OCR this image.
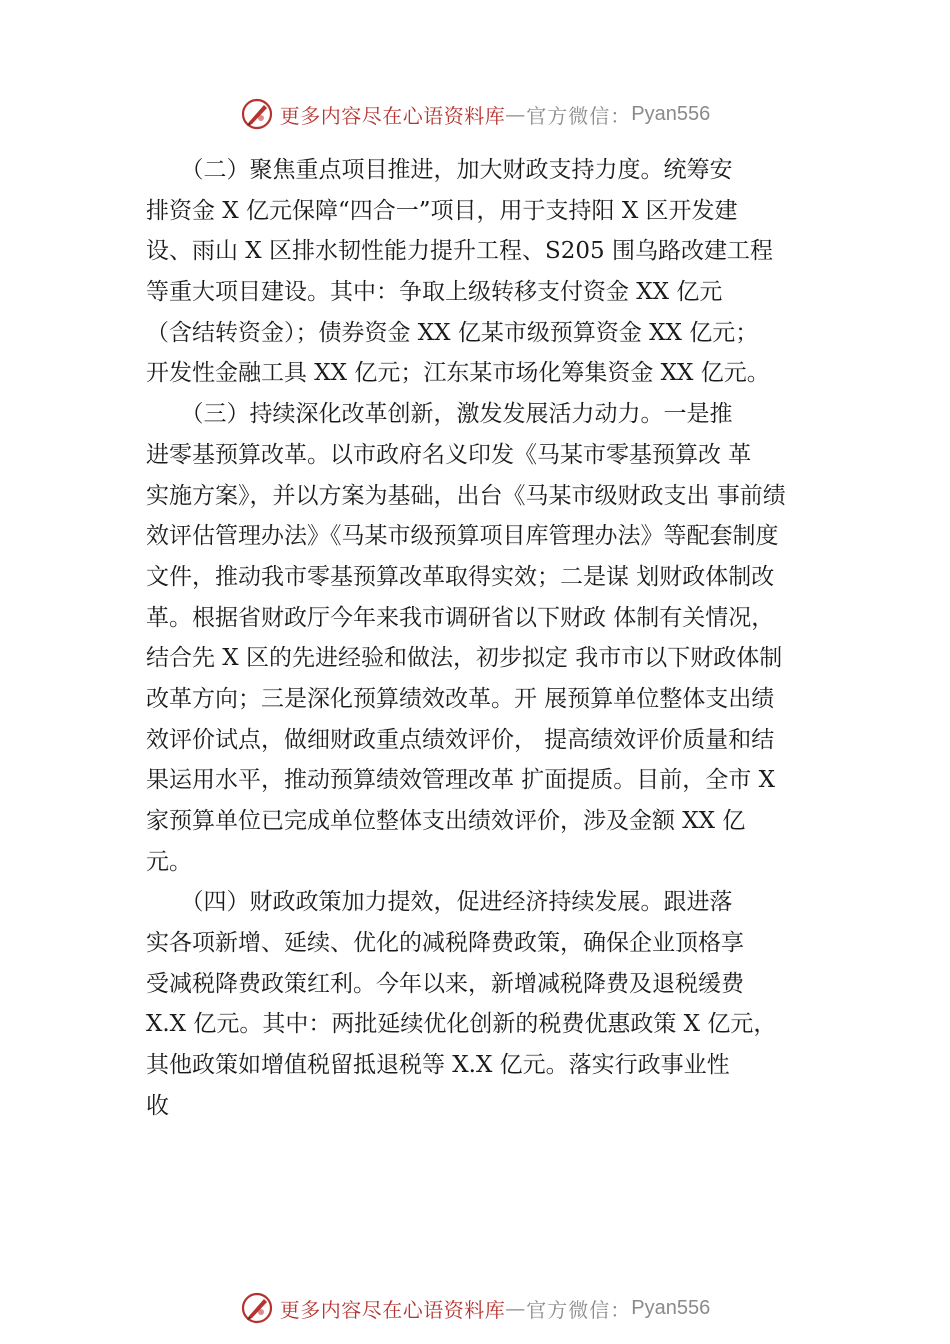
更多内容尽在心语资料库 — 官方微信： Pyan556
　　（二）聚焦重点项目推进，加大财政支持力度。统筹安
排资金 X 亿元保障“四合一”项目，用于支持阳 X 区开发建
设、雨山 X 区排水韧性能力提升工程、S205 围乌路改建工程
等重大项目建设。其中：争取上级转移支付资金 XX 亿元
（含结转资金）；债券资金 XX 亿某市级预算资金 XX 亿元；
开发性金融工具 XX 亿元；江东某市场化筹集资金 XX 亿元。
　　（三）持续深化改革创新，激发发展活力动力。一是推
进零基预算改革。以市政府名义印发《马某市零基预算改 革
实施方案》，并以方案为基础，出台《马某市级财政支出 事前绩
效评估管理办法》《马某市级预算项目库管理办法》等配套制度
文件，推动我市零基预算改革取得实效；二是谋 划财政体制改
革。根据省财政厅今年来我市调研省以下财政 体制有关情况，
结合先 X 区的先进经验和做法，初步拟定 我市市以下财政体制
改革方向；三是深化预算绩效改革。开 展预算单位整体支出绩
效评价试点，做细财政重点绩效评价， 提高绩效评价质量和结
果运用水平，推动预算绩效管理改革 扩面提质。目前，全市 X
家预算单位已完成单位整体支出绩效评价，涉及金额 XX 亿
元。
　　（四）财政政策加力提效，促进经济持续发展。跟进落
实各项新增、延续、优化的减税降费政策，确保企业顶格享
受减税降费政策红利。今年以来，新增减税降费及退税缓费
X.X 亿元。其中：两批延续优化创新的税费优惠政策 X 亿元，
其他政策如增值税留抵退税等 X.X 亿元。落实行政事业性
收
更多内容尽在心语资料库 — 官方微信： Pyan556
